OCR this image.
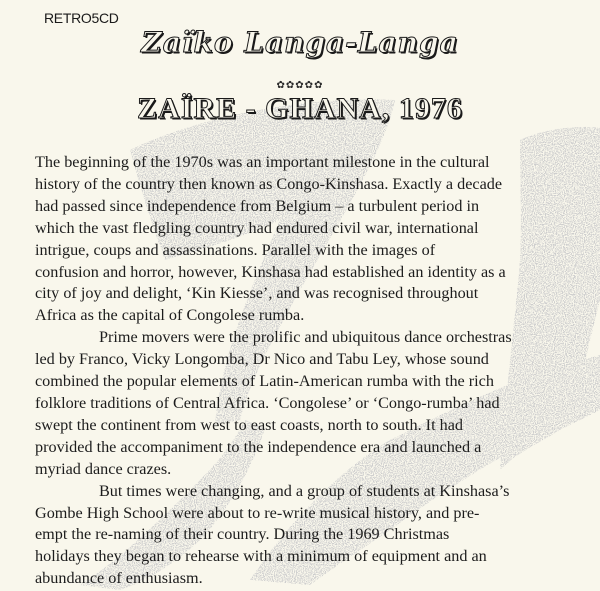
RETRO5CD
Zaïko Langa-Langa
✿✿✿✿✿
ZAÏRE - GHANA, 1976
The beginning of the 1970s was an important milestone in the cultural
history of the country then known as Congo-Kinshasa. Exactly a decade
had passed since independence from Belgium – a turbulent period in
which the vast fledgling country had endured civil war, international
intrigue, coups and assassinations. Parallel with the images of
confusion and horror, however, Kinshasa had established an identity as a
city of joy and delight, ‘Kin Kiesse’, and was recognised throughout
Africa as the capital of Congolese rumba.
Prime movers were the prolific and ubiquitous dance orchestras
led by Franco, Vicky Longomba, Dr Nico and Tabu Ley, whose sound
combined the popular elements of Latin-American rumba with the rich
folklore traditions of Central Africa. ‘Congolese’ or ‘Congo-rumba’ had
swept the continent from west to east coasts, north to south. It had
provided the accompaniment to the independence era and launched a
myriad dance crazes.
But times were changing, and a group of students at Kinshasa’s
Gombe High School were about to re-write musical history, and pre-
empt the re-naming of their country. During the 1969 Christmas
holidays they began to rehearse with a minimum of equipment and an
abundance of enthusiasm.
